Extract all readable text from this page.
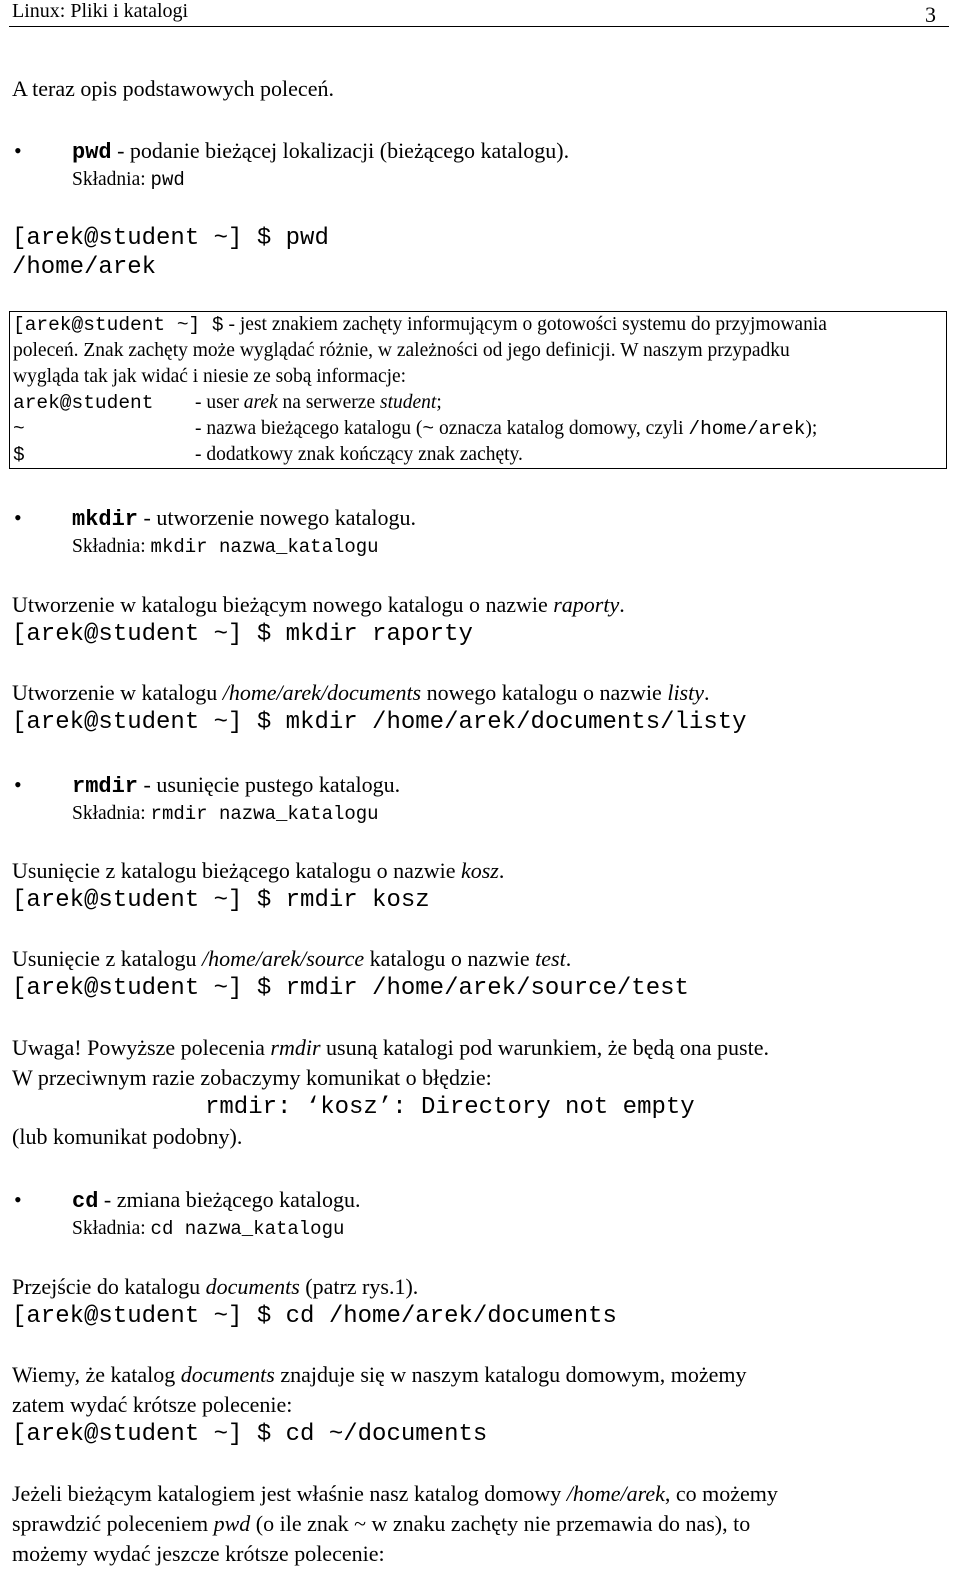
Linux: Pliki i katalogi	3
A teraz opis podstawowych poleceń.
• pwd - podanie bieżącej lokalizacji (bieżącego katalogu).
Składnia: pwd
[arek@student ~] $ pwd
/home/arek
[arek@student ~] $ - jest znakiem zachęty informującym o gotowości systemu do przyjmowania
poleceń. Znak zachęty może wyglądać różnie, w zależności od jego definicji. W naszym przypadku
wygląda tak jak widać i niesie ze sobą informacje:
arek@student - user arek na serwerze student;
~	- nazwa bieżącego katalogu (~ oznacza katalog domowy, czyli /home/arek);
$	- dodatkowy znak kończący znak zachęty.
• mkdir - utworzenie nowego katalogu.
Składnia: mkdir nazwa_katalogu
Utworzenie w katalogu bieżącym nowego katalogu o nazwie raporty.
[arek@student ~] $ mkdir raporty
Utworzenie w katalogu /home/arek/documents nowego katalogu o nazwie listy.
[arek@student ~] $ mkdir /home/arek/documents/listy
• rmdir - usunięcie pustego katalogu.
Składnia: rmdir nazwa_katalogu
Usunięcie z katalogu bieżącego katalogu o nazwie kosz.
[arek@student ~] $ rmdir kosz
Usunięcie z katalogu /home/arek/source katalogu o nazwie test.
[arek@student ~] $ rmdir /home/arek/source/test
Uwaga! Powyższe polecenia rmdir usuną katalogi pod warunkiem, że będą ona puste.
W przeciwnym razie zobaczymy komunikat o błędzie:
rmdir: ‘kosz’: Directory not empty
(lub komunikat podobny).
• cd - zmiana bieżącego katalogu.
Składnia: cd nazwa_katalogu
Przejście do katalogu documents (patrz rys.1).
[arek@student ~] $ cd /home/arek/documents
Wiemy, że katalog documents znajduje się w naszym katalogu domowym, możemy
zatem wydać krótsze polecenie:
[arek@student ~] $ cd ~/documents
Jeżeli bieżącym katalogiem jest właśnie nasz katalog domowy /home/arek, co możemy
sprawdzić poleceniem pwd (o ile znak ~ w znaku zachęty nie przemawia do nas), to
możemy wydać jeszcze krótsze polecenie:
